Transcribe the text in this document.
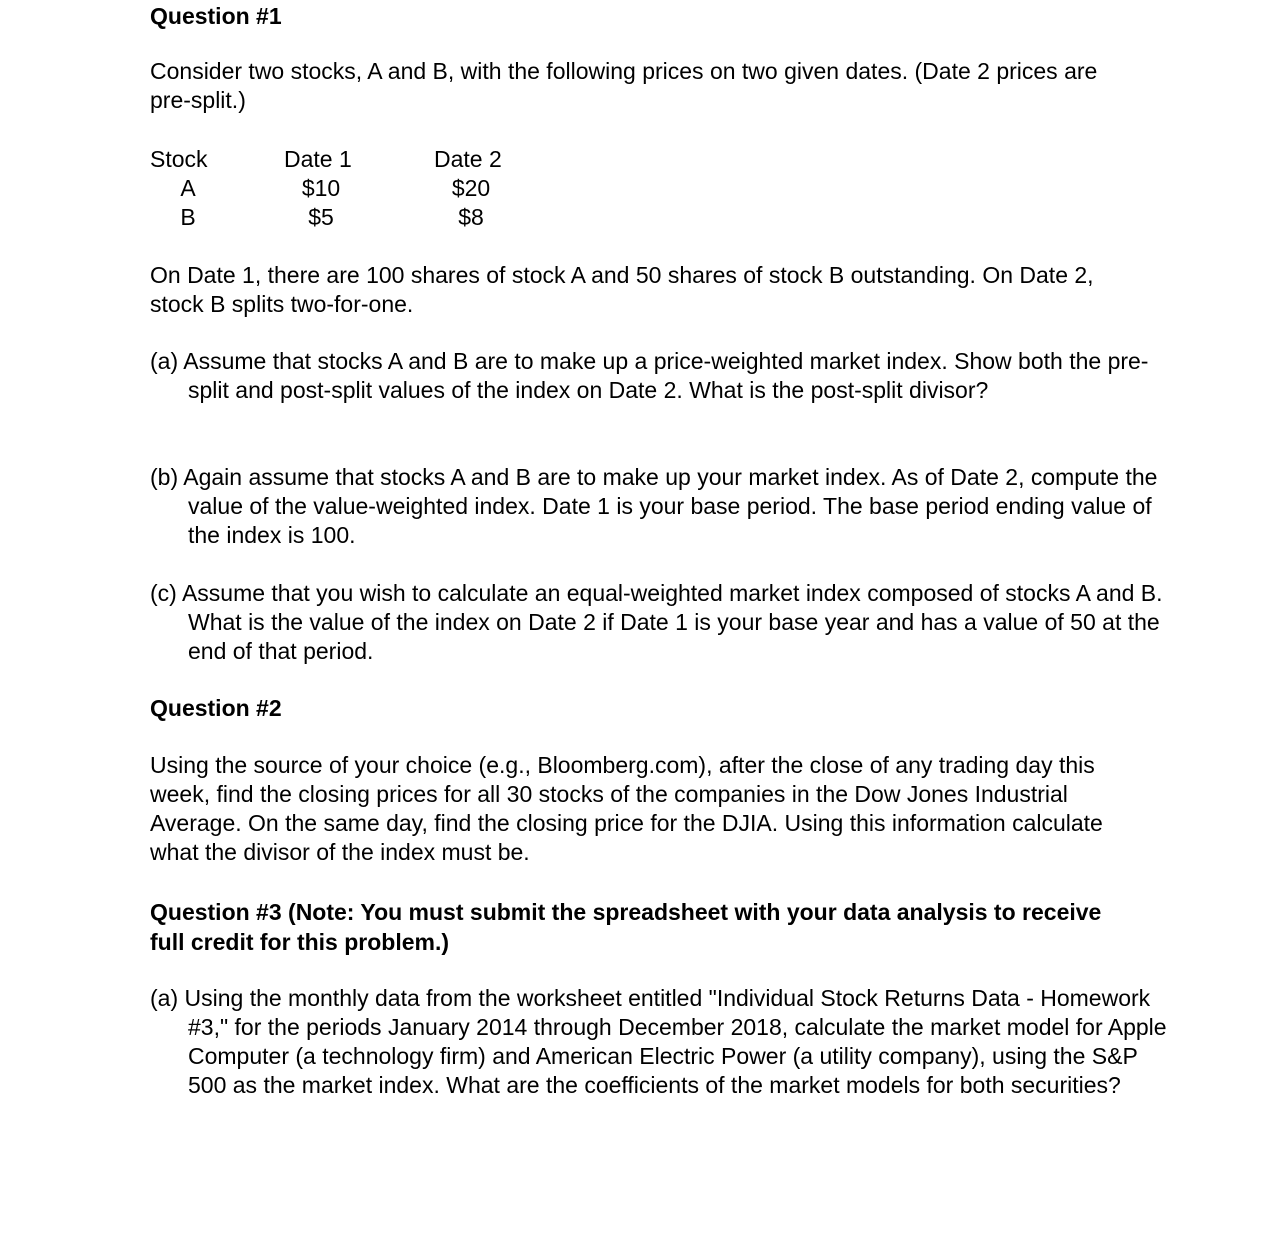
Question #1

Consider two stocks, A and B, with the following prices on two given dates. (Date 2 prices are pre-split.)

Stock	Date 1	Date 2
A	$10	$20
B	$5	$8

On Date 1, there are 100 shares of stock A and 50 shares of stock B outstanding. On Date 2, stock B splits two-for-one.

(a) Assume that stocks A and B are to make up a price-weighted market index. Show both the pre-split and post-split values of the index on Date 2. What is the post-split divisor?

(b) Again assume that stocks A and B are to make up your market index. As of Date 2, compute the value of the value-weighted index. Date 1 is your base period. The base period ending value of the index is 100.

(c) Assume that you wish to calculate an equal-weighted market index composed of stocks A and B. What is the value of the index on Date 2 if Date 1 is your base year and has a value of 50 at the end of that period.

Question #2

Using the source of your choice (e.g., Bloomberg.com), after the close of any trading day this week, find the closing prices for all 30 stocks of the companies in the Dow Jones Industrial Average. On the same day, find the closing price for the DJIA. Using this information calculate what the divisor of the index must be.

Question #3 (Note: You must submit the spreadsheet with your data analysis to receive full credit for this problem.)

(a) Using the monthly data from the worksheet entitled "Individual Stock Returns Data - Homework #3," for the periods January 2014 through December 2018, calculate the market model for Apple Computer (a technology firm) and American Electric Power (a utility company), using the S&P 500 as the market index. What are the coefficients of the market models for both securities?
